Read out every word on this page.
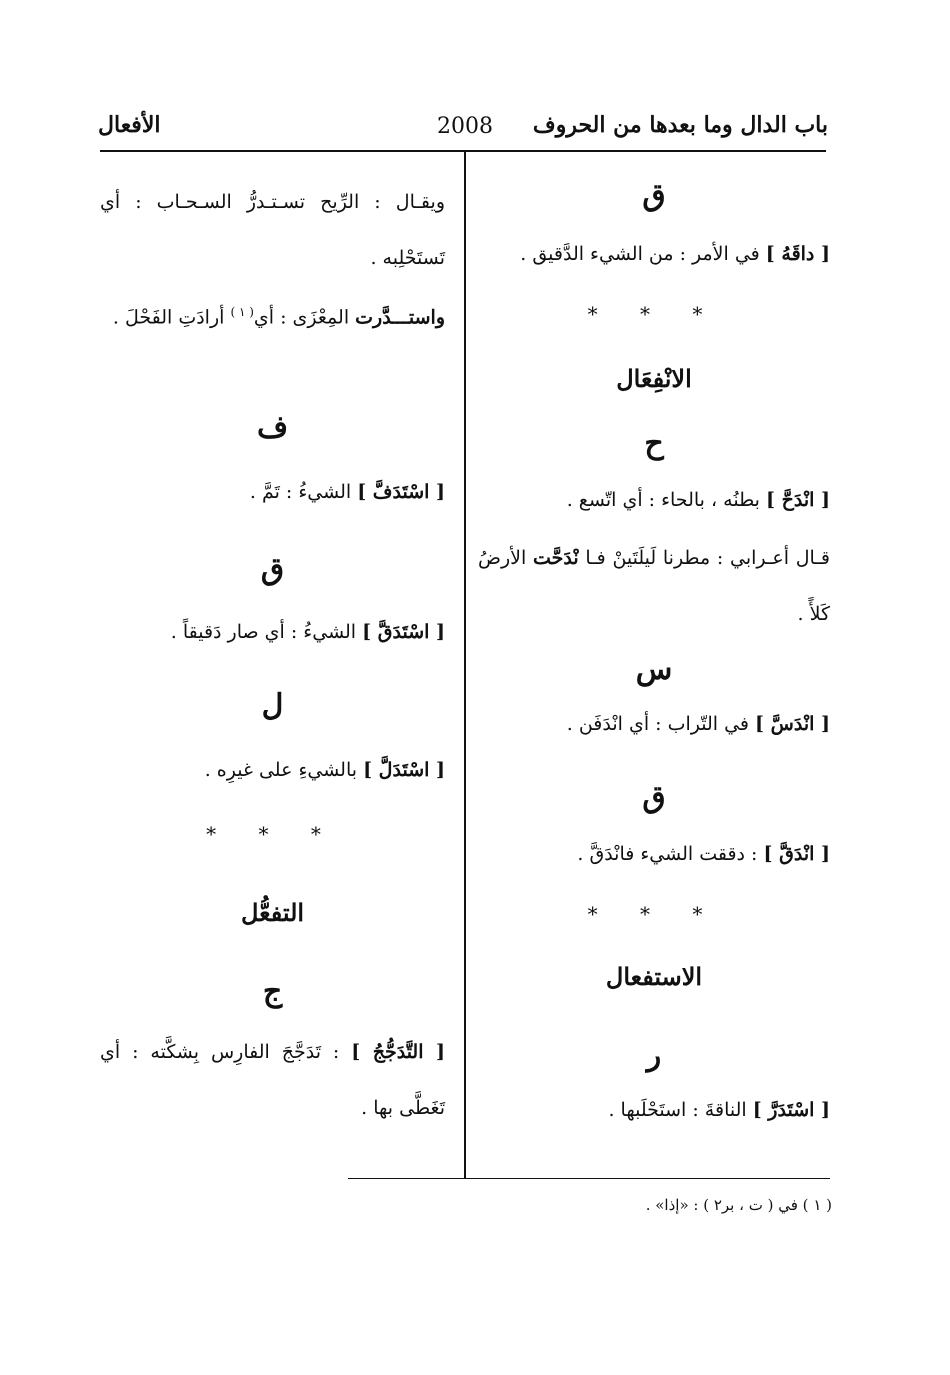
باب الدال وما بعدها من الحروف
2008
الأفعال
ق
[ داقَهُ ] في الأمر : من الشيء الدَّقيق .
* * *
الانْفِعَال
ح
[ انْدَحَّ ] بطنُه ، بالحاء : أي اتّسع .
قـال أعـرابي : مطرنا لَيلَتَينْ فـا نْدَحَّت الأرضُ كَلأً .
س
[ انْدَسَّ ] في التّراب : أي انْدَفَن .
ق
[ انْدَقَّ ] : دققت الشيء فانْدَقَّ .
* * *
الاستفعال
ر
[ اسْتَدَرَّ ] الناقةَ : استَحْلَبها .
ويقـال : الرِّيح تسـتـدرُّ السـحـاب : أي تَستَحْلِبه .
واستـــدَّرت المِعْزَى : أي$^{( ١ )}$ أرادَتِ الفَحْلَ .
ف
[ اسْتَدَفَّ ] الشيءُ : تَمَّ .
ق
[ اسْتَدَقَّ ] الشيءُ : أي صار دَقيقاً .
ل
[ اسْتَدَلَّ ] بالشيءِ على غيرِه .
* * *
التفعُّل
ج
[ التَّدَجُّجُ ] : تَدَجَّجَ الفارِس بِشكَّته : أي تَغَطَّى بها .
( ١ ) في ( ت ، بر٢ ) : «إذا» .
